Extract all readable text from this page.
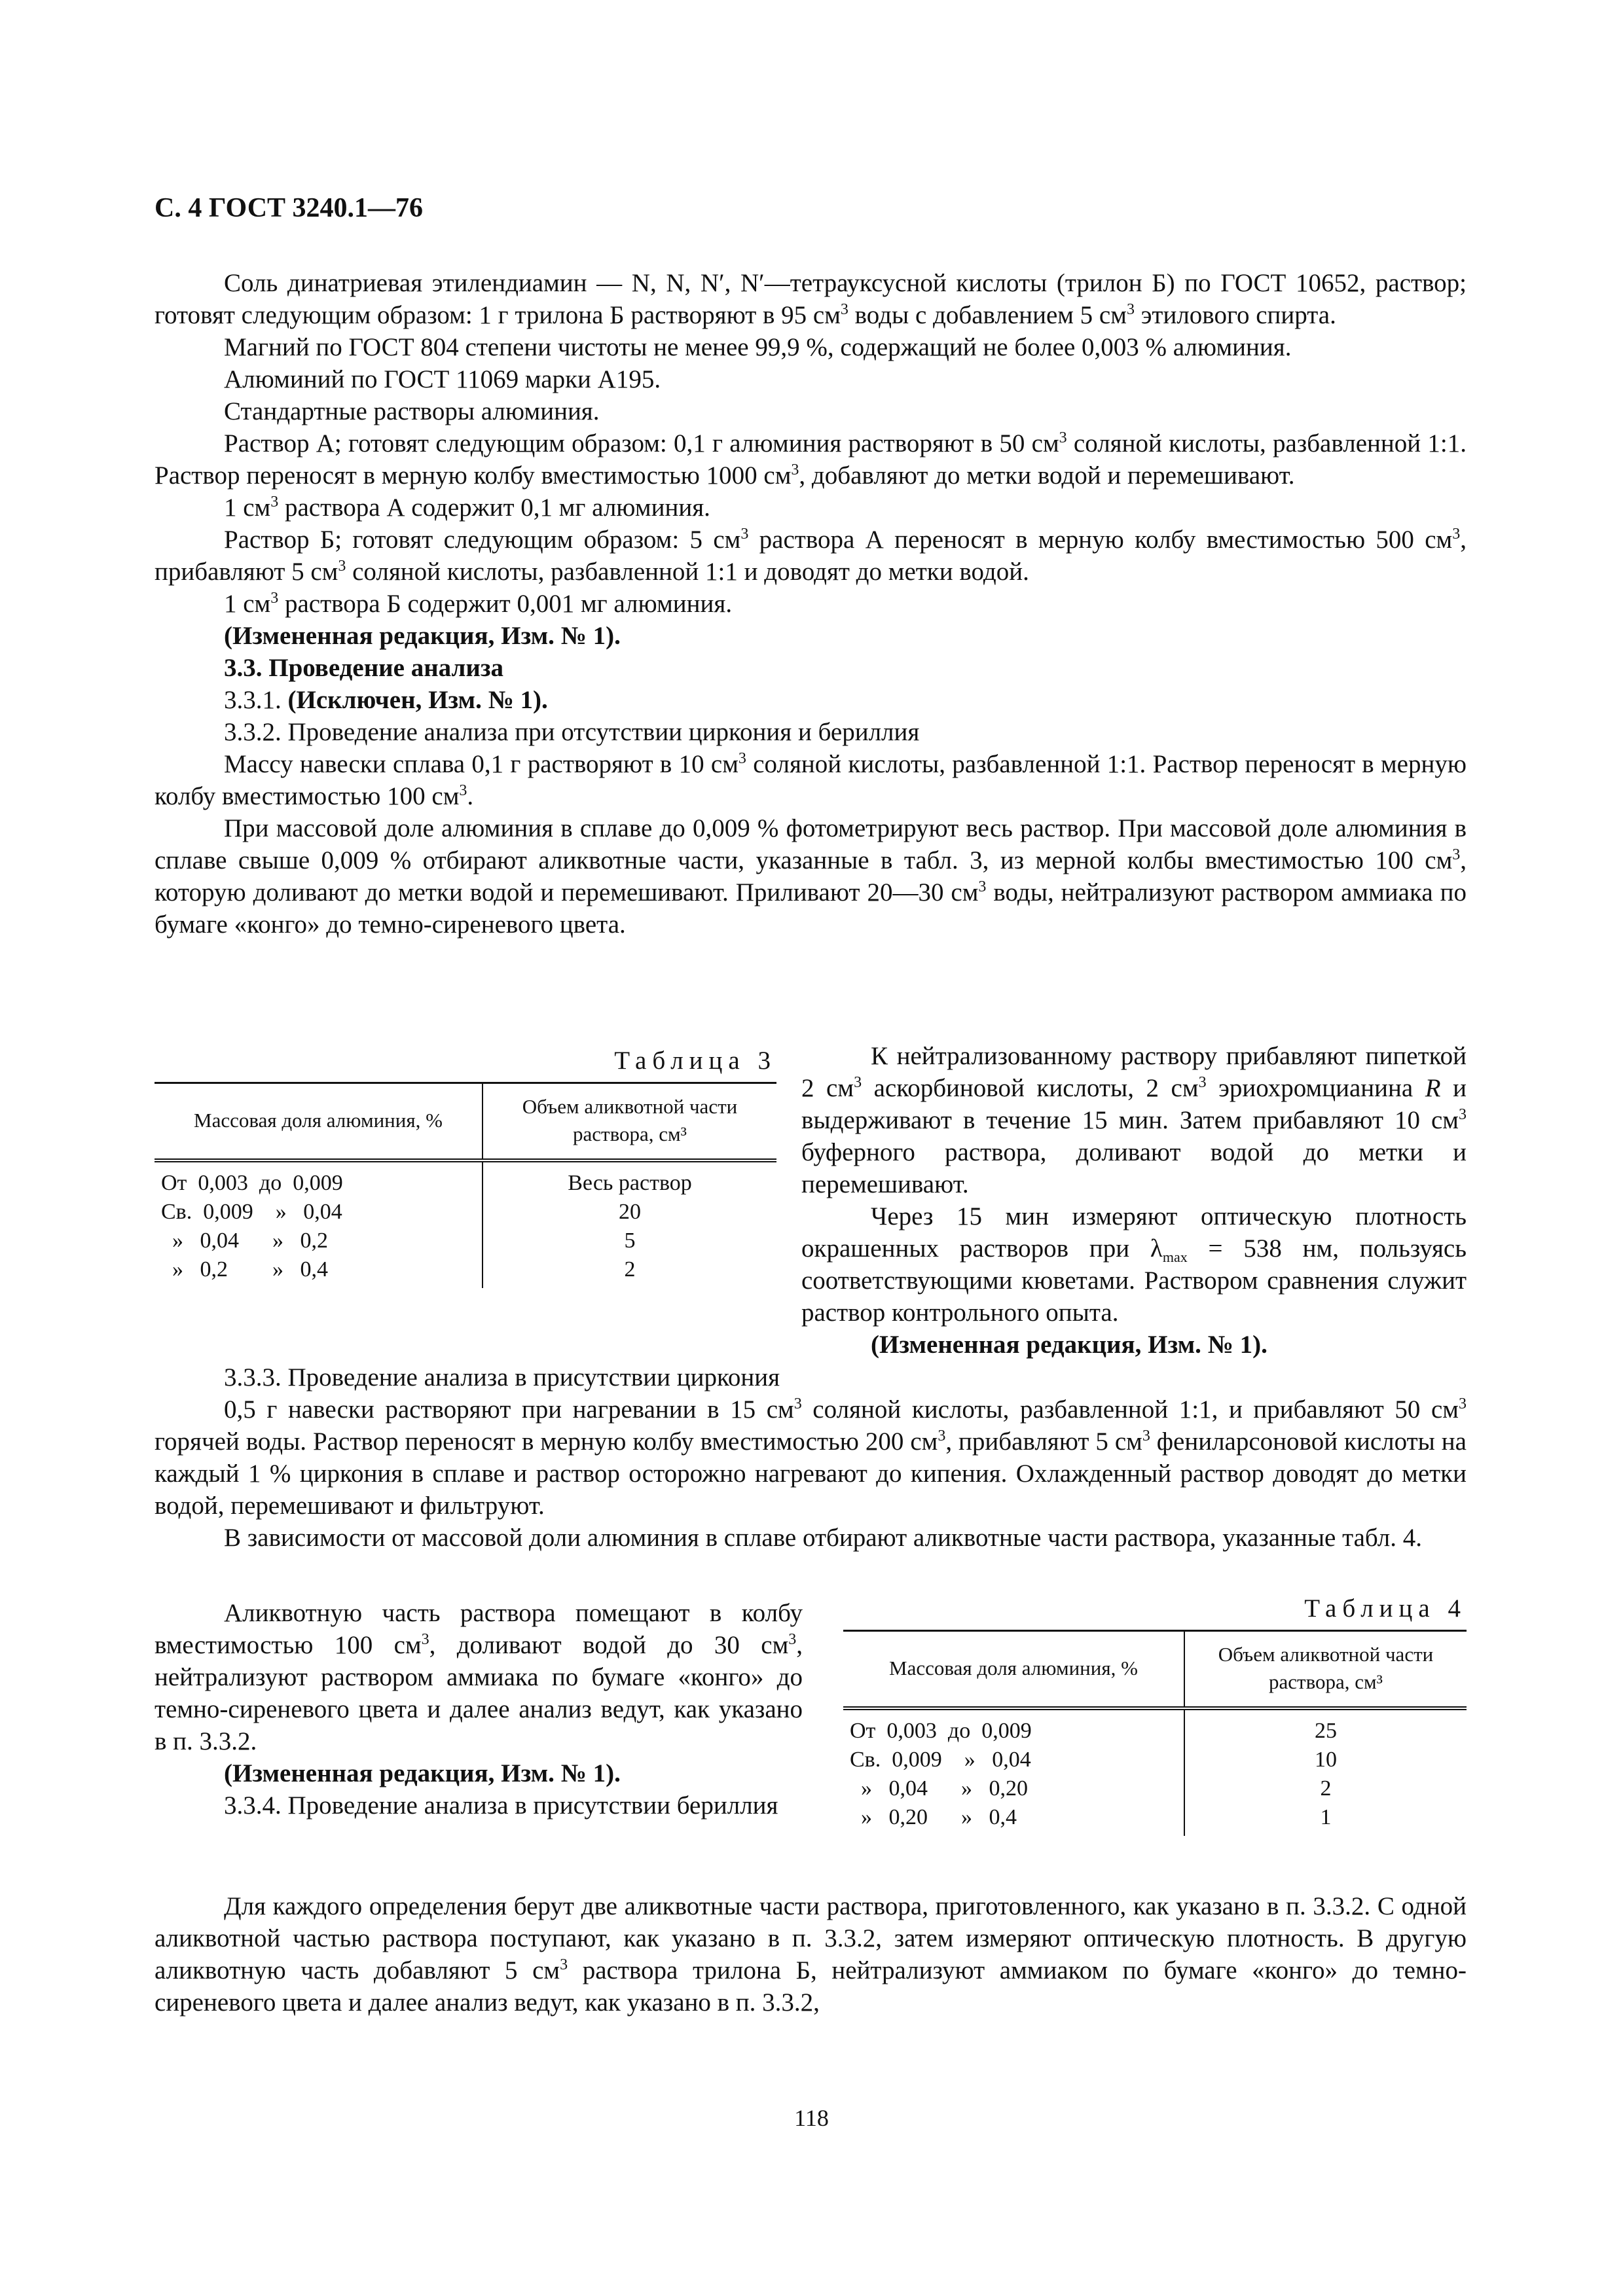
С. 4 ГОСТ 3240.1—76

Соль динатриевая этилендиамин — N, N, N′, N′—тетрауксусной кислоты (трилон Б) по ГОСТ 10652, раствор; готовят следующим образом: 1 г трилона Б растворяют в 95 $см^3$ воды с добавлением 5 $см^3$ этилового спирта.

Магний по ГОСТ 804 степени чистоты не менее 99,9 %, содержащий не более 0,003 % алюминия.

Алюминий по ГОСТ 11069 марки А195.

Стандартные растворы алюминия.

Раствор А; готовят следующим образом: 0,1 г алюминия растворяют в 50 $см^3$ соляной кислоты, разбавленной 1:1. Раствор переносят в мерную колбу вместимостью 1000 $см^3$, добавляют до метки водой и перемешивают.

1 $см^3$ раствора А содержит 0,1 мг алюминия.

Раствор Б; готовят следующим образом: 5 $см^3$ раствора А переносят в мерную колбу вместимостью 500 $см^3$, прибавляют 5 $см^3$ соляной кислоты, разбавленной 1:1 и доводят до метки водой.

1 $см^3$ раствора Б содержит 0,001 мг алюминия.

(Измененная редакция, Изм. № 1).

3.3. Проведение анализа

3.3.1. (Исключен, Изм. № 1).

3.3.2. Проведение анализа при отсутствии циркония и бериллия

Массу навески сплава 0,1 г растворяют в 10 $см^3$ соляной кислоты, разбавленной 1:1. Раствор переносят в мерную колбу вместимостью 100 $см^3$.

При массовой доле алюминия в сплаве до 0,009 % фотометрируют весь раствор. При массовой доле алюминия в сплаве свыше 0,009 % отбирают аликвотные части, указанные в табл. 3, из мерной колбы вместимостью 100 $см^3$, которую доливают до метки водой и перемешивают. Приливают 20—30 $см^3$ воды, нейтрализуют раствором аммиака по бумаге «конго» до темно-сиреневого цвета.

Таблица 3
Массовая доля алюминия, %	Объем аликвотной части раствора, см³
От  0,003  до  0,009	Весь раствор
Св.  0,009    »   0,04	20
»   0,04      »   0,2	5
»   0,2        »   0,4	2

К нейтрализованному раствору прибавляют пипеткой 2 $см^3$ аскорбиновой кислоты, 2 $см^3$ эриохромцианина R и выдерживают в течение 15 мин. Затем прибавляют 10 $см^3$ буферного раствора, доливают водой до метки и перемешивают.

Через 15 мин измеряют оптическую плотность окрашенных растворов при $\lambda_{max} = 538$ нм, пользуясь соответствующими кюветами. Раствором сравнения служит раствор контрольного опыта.

(Измененная редакция, Изм. № 1).

3.3.3. Проведение анализа в присутствии циркония

0,5 г навески растворяют при нагревании в 15 $см^3$ соляной кислоты, разбавленной 1:1, и прибавляют 50 $см^3$ горячей воды. Раствор переносят в мерную колбу вместимостью 200 $см^3$, прибавляют 5 $см^3$ фениларсоновой кислоты на каждый 1 % циркония в сплаве и раствор осторожно нагревают до кипения. Охлажденный раствор доводят до метки водой, перемешивают и фильтруют.

В зависимости от массовой доли алюминия в сплаве отбирают аликвотные части раствора, указанные табл. 4.

Аликвотную часть раствора помещают в колбу вместимостью 100 $см^3$, доливают водой до 30 $см^3$, нейтрализуют раствором аммиака по бумаге «конго» до темно-сиреневого цвета и далее анализ ведут, как указано в п. 3.3.2.

(Измененная редакция, Изм. № 1).

3.3.4. Проведение анализа в присутствии бериллия

Таблица 4
Массовая доля алюминия, %	Объем аликвотной части раствора, см³
От  0,003  до  0,009	25
Св.  0,009    »   0,04	10
»   0,04      »   0,20	2
»   0,20      »   0,4	1

Для каждого определения берут две аликвотные части раствора, приготовленного, как указано в п. 3.3.2. С одной аликвотной частью раствора поступают, как указано в п. 3.3.2, затем измеряют оптическую плотность. В другую аликвотную часть добавляют 5 $см^3$ раствора трилона Б, нейтрализуют аммиаком по бумаге «конго» до темно-сиреневого цвета и далее анализ ведут, как указано в п. 3.3.2,

118
